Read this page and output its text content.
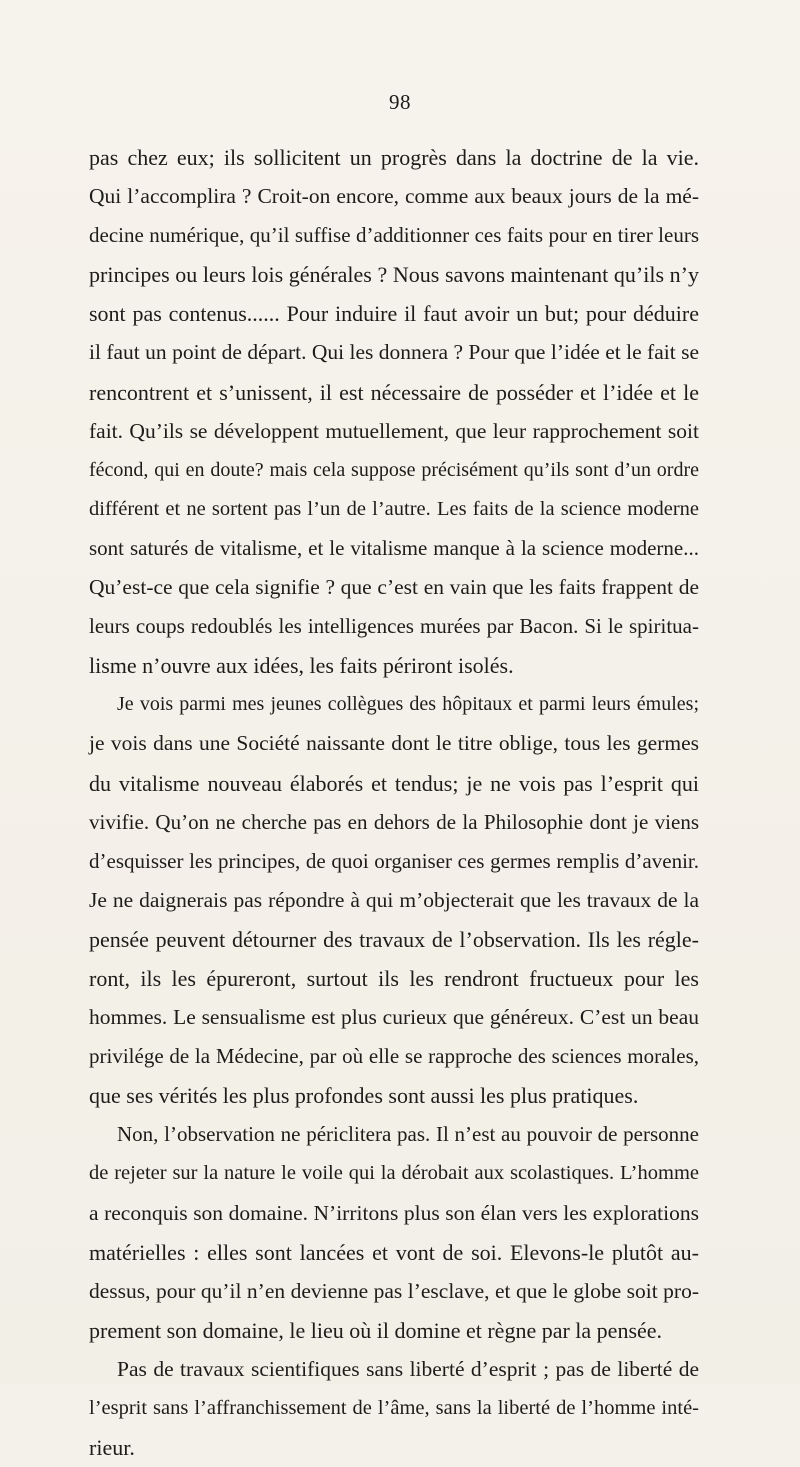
98
pas chez eux; ils sollicitent un progrès dans la doctrine de la vie.
Qui l’accomplira ? Croit-on encore, comme aux beaux jours de la mé-
decine numérique, qu’il suffise d’additionner ces faits pour en tirer leurs
principes ou leurs lois générales ? Nous savons maintenant qu’ils n’y
sont pas contenus...... Pour induire il faut avoir un but; pour déduire
il faut un point de départ. Qui les donnera ? Pour que l’idée et le fait se
rencontrent et s’unissent, il est nécessaire de posséder et l’idée et le
fait. Qu’ils se développent mutuellement, que leur rapprochement soit
fécond, qui en doute? mais cela suppose précisément qu’ils sont d’un ordre
différent et ne sortent pas l’un de l’autre. Les faits de la science moderne
sont saturés de vitalisme, et le vitalisme manque à la science moderne...
Qu’est-ce que cela signifie ? que c’est en vain que les faits frappent de
leurs coups redoublés les intelligences murées par Bacon. Si le spiritua-
lisme n’ouvre aux idées, les faits périront isolés.
Je vois parmi mes jeunes collègues des hôpitaux et parmi leurs émules;
je vois dans une Société naissante dont le titre oblige, tous les germes
du vitalisme nouveau élaborés et tendus; je ne vois pas l’esprit qui
vivifie. Qu’on ne cherche pas en dehors de la Philosophie dont je viens
d’esquisser les principes, de quoi organiser ces germes remplis d’avenir.
Je ne daignerais pas répondre à qui m’objecterait que les travaux de la
pensée peuvent détourner des travaux de l’observation. Ils les régle-
ront, ils les épureront, surtout ils les rendront fructueux pour les
hommes. Le sensualisme est plus curieux que généreux. C’est un beau
privilége de la Médecine, par où elle se rapproche des sciences morales,
que ses vérités les plus profondes sont aussi les plus pratiques.
Non, l’observation ne périclitera pas. Il n’est au pouvoir de personne
de rejeter sur la nature le voile qui la dérobait aux scolastiques. L’homme
a reconquis son domaine. N’irritons plus son élan vers les explorations
matérielles : elles sont lancées et vont de soi. Elevons-le plutôt au-
dessus, pour qu’il n’en devienne pas l’esclave, et que le globe soit pro-
prement son domaine, le lieu où il domine et règne par la pensée.
Pas de travaux scientifiques sans liberté d’esprit ; pas de liberté de
l’esprit sans l’affranchissement de l’âme, sans la liberté de l’homme inté-
rieur.
